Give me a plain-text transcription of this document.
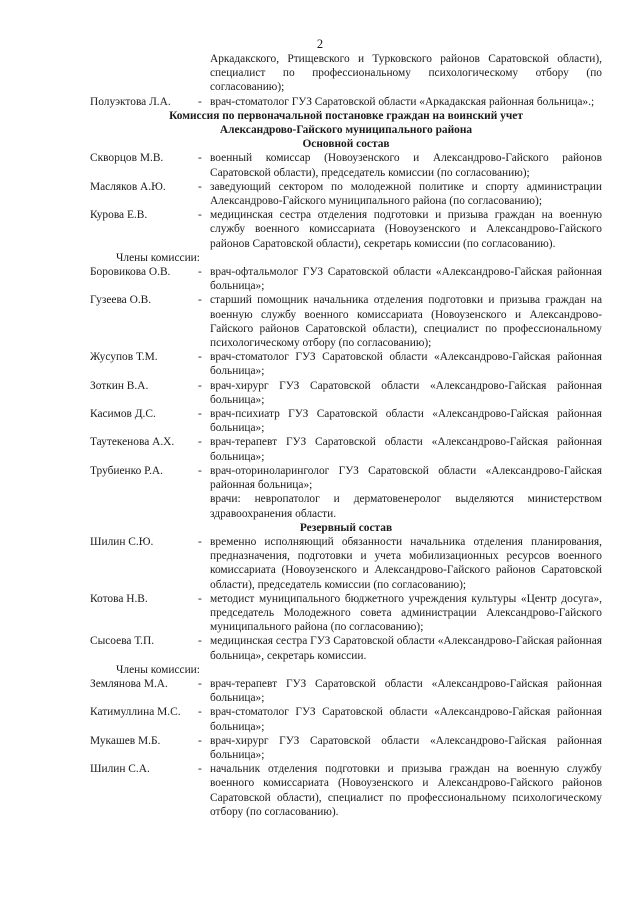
2
Аркадакского, Ртищевского и Турковского районов Саратовской области), специалист по профессиональному психологическому отбору (по согласованию);
Полуэктова Л.А.	- врач-стоматолог ГУЗ Саратовской области «Аркадакская районная больница».;
Комиссия по первоначальной постановке граждан на воинский учет
Александрово-Гайского муниципального района
Основной состав
Скворцов М.В.	- военный комиссар (Новоузенского и Александрово-Гайского районов Саратовской области), председатель комиссии (по согласованию);
Масляков А.Ю.	- заведующий сектором по молодежной политике и спорту администрации Александрово-Гайского муниципального района (по согласованию);
Курова Е.В.	- медицинская сестра отделения подготовки и призыва граждан на военную службу военного комиссариата (Новоузенского и Александрово-Гайского районов Саратовской области), секретарь комиссии (по согласованию).
Члены комиссии:
Боровикова О.В.	- врач-офтальмолог ГУЗ Саратовской области «Александрово-Гайская районная больница»;
Гузеева О.В.	- старший помощник начальника отделения подготовки и призыва граждан на военную службу военного комиссариата (Новоузенского и Александрово-Гайского районов Саратовской области), специалист по профессиональному психологическому отбору (по согласованию);
Жусупов Т.М.	- врач-стоматолог ГУЗ Саратовской области «Александрово-Гайская районная больница»;
Зоткин В.А.	- врач-хирург ГУЗ Саратовской области «Александрово-Гайская районная больница»;
Касимов Д.С.	- врач-психиатр ГУЗ Саратовской области «Александрово-Гайская районная больница»;
Таутекенова А.Х.	- врач-терапевт ГУЗ Саратовской области «Александрово-Гайская районная больница»;
Трубиенко Р.А.	- врач-оториноларинголог ГУЗ Саратовской области «Александрово-Гайская районная больница»;
врачи: невропатолог и дерматовенеролог выделяются министерством здравоохранения области.
Резервный состав
Шилин С.Ю.	- временно исполняющий обязанности начальника отделения планирования, предназначения, подготовки и учета мобилизационных ресурсов военного комиссариата (Новоузенского и Александрово-Гайского районов Саратовской области), председатель комиссии (по согласованию);
Котова Н.В.	- методист муниципального бюджетного учреждения культуры «Центр досуга», председатель Молодежного совета администрации Александрово-Гайского муниципального района (по согласованию);
Сысоева Т.П.	- медицинская сестра ГУЗ Саратовской области «Александрово-Гайская районная больница», секретарь комиссии.
Члены комиссии:
Землянова М.А.	- врач-терапевт ГУЗ Саратовской области «Александрово-Гайская районная больница»;
Катимуллина М.С.	- врач-стоматолог ГУЗ Саратовской области «Александрово-Гайская районная больница»;
Мукашев М.Б.	- врач-хирург ГУЗ Саратовской области «Александрово-Гайская районная больница»;
Шилин С.А.	- начальник отделения подготовки и призыва граждан на военную службу военного комиссариата (Новоузенского и Александрово-Гайского районов Саратовской области), специалист по профессиональному психологическому отбору (по согласованию).
